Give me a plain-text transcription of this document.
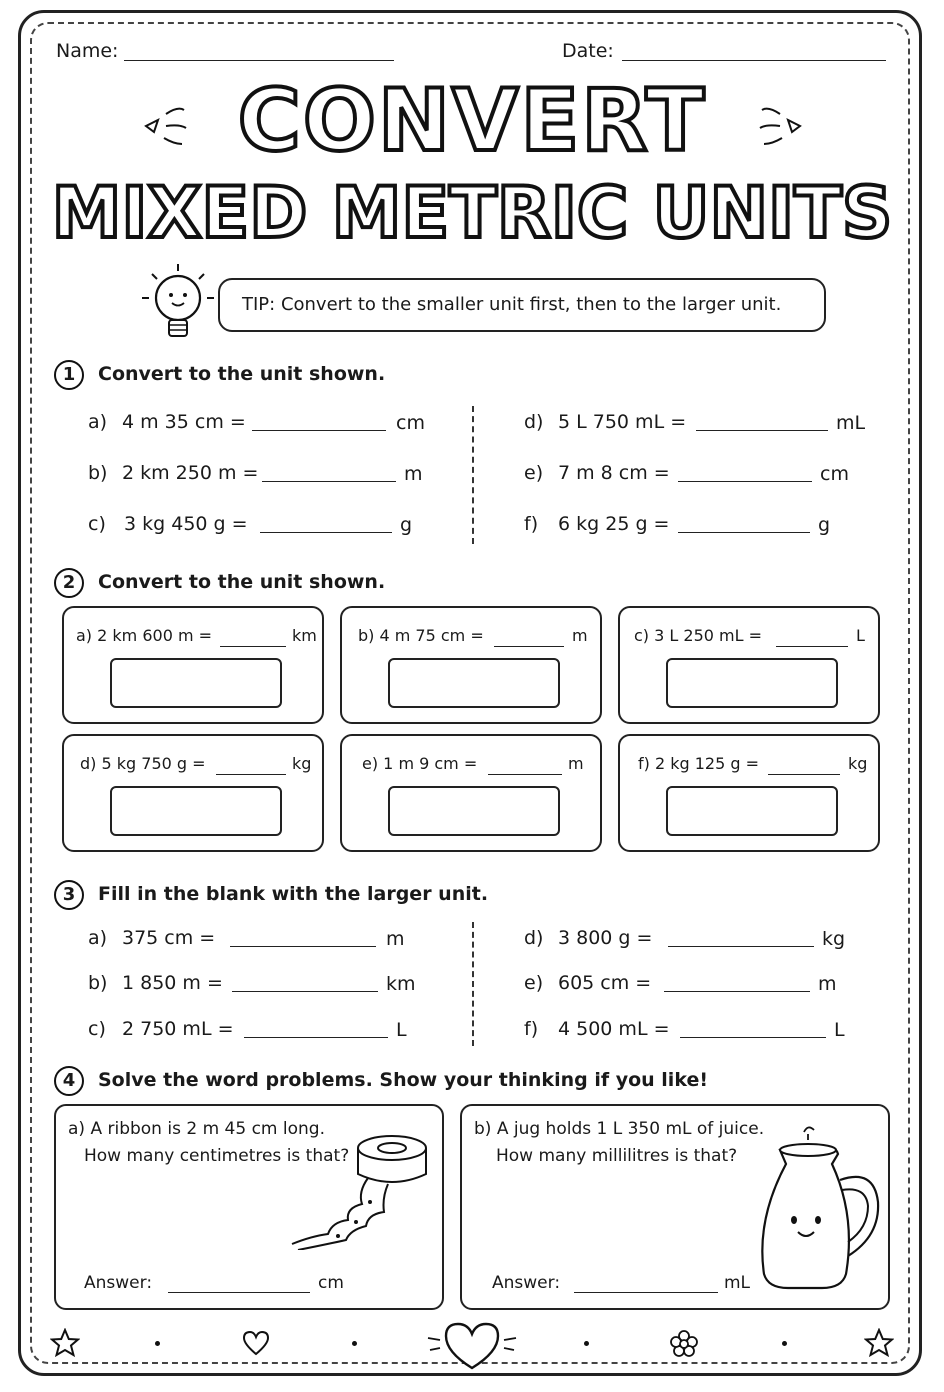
Name:	Date:
CONVERT
MIXED METRIC UNITS
TIP: Convert to the smaller unit first, then to the larger unit.
1	Convert to the unit shown.
a) 4 m 35 cm =	cm
b) 2 km 250 m =	m
c) 3 kg 450 g =	g
d) 5 L 750 mL =	mL
e) 7 m 8 cm =	cm
f) 6 kg 25 g =	g
2	Convert to the unit shown.
a) 2 km 600 m =	km	b) 4 m 75 cm =	m	c) 3 L 250 mL =	L
d) 5 kg 750 g =	kg	e) 1 m 9 cm =	m	f) 2 kg 125 g =	kg
3	Fill in the blank with the larger unit.
a) 375 cm =	m
b) 1 850 m =	km
c) 2 750 mL =	L
d) 3 800 g =	kg
e) 605 cm =	m
f) 4 500 mL =	L
4	Solve the word problems. Show your thinking if you like!
a) A ribbon is 2 m 45 cm long.
How many centimetres is that?
Answer:	cm
b) A jug holds 1 L 350 mL of juice.
How many millilitres is that?
Answer:	mL
